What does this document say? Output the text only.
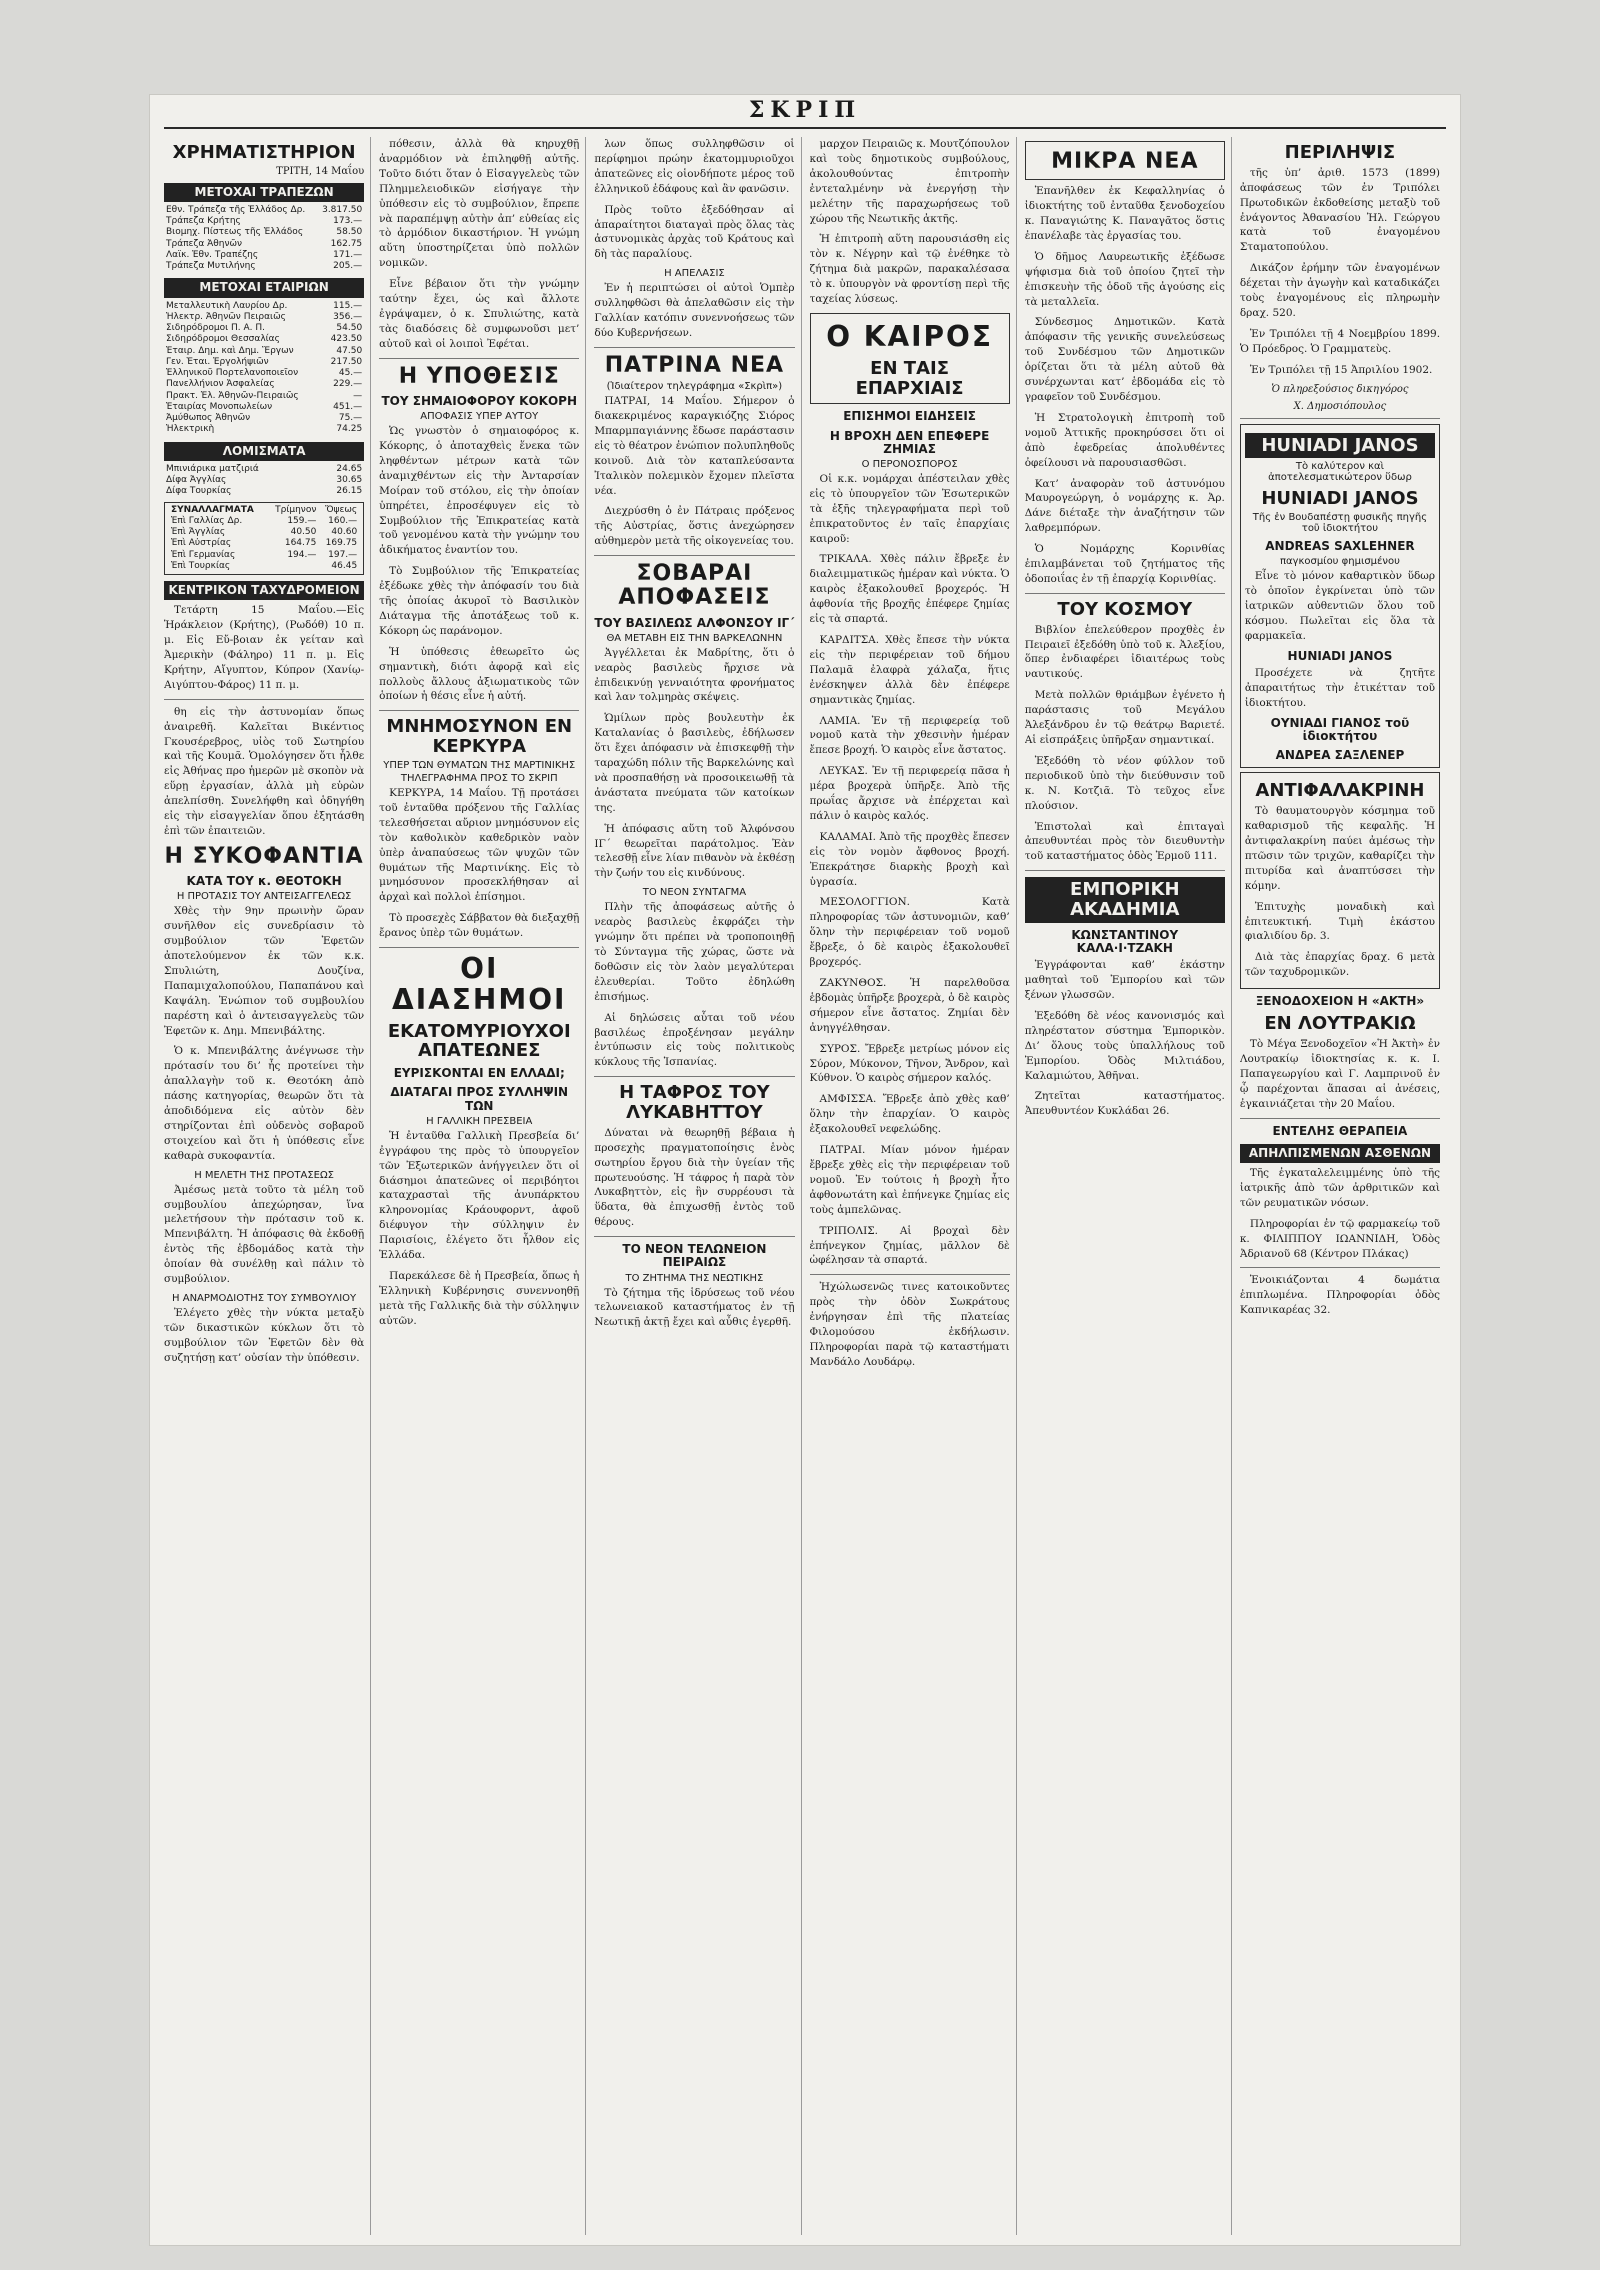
ΣΚΡΙΠ
ΧΡΗΜΑΤΙΣΤΗΡΙΟΝ
ΤΡΙΤΗ, 14 Μαΐου
ΜΕΤΟΧΑΙ ΤΡΑΠΕΖΩΝ
Εθν. Τράπεζα τῆς Ἑλλάδος Δρ.	3.817.50
Τράπεζα Κρήτης	173.—
Βιομηχ. Πίστεως τῆς Ἑλλάδος	58.50
Τράπεζα Ἀθηνῶν	162.75
Λαϊκ. Ἐθν. Τραπέζης	171.—
Τράπεζα Μυτιλήνης	205.—
ΜΕΤΟΧΑΙ ΕΤΑΙΡΙΩΝ
Μεταλλευτικὴ Λαυρίου Δρ.	115.—
Ἠλεκτρ. Ἀθηνῶν Πειραιῶς	356.—
Σιδηρόδρομοι Π. Α. Π.	54.50
Σιδηρόδρομοι Θεσσαλίας	423.50
Ἑταιρ. Δημ. καὶ Δημ. Ἔργων	47.50
Γεν. Ἑται. Ἐργολήψιῶν	217.50
Ἑλληνικοῦ Πορτελανοποιεῖον	45.—
Πανελλήνιον Ἀσφαλείας	229.—
Πρακτ. Ἐλ. Ἀθηνῶν-Πειραιῶς	—
Ἑταιρίας Μονοπωλείων	451.—
Ἀμύθωπος Ἀθηνῶν	75.—
Ἠλεκτρικὴ	74.25
ΛΟΜΙΣΜΑΤΑ
Μπινιάρικα ματζιριά	24.65
Δίφα Ἀγγλίας	30.65
Δίφα Τουρκίας	26.15
ΣΥΝΑΛΛΑΓΜΑΤΑ	Τρίμηνον	Ὄψεως
Ἐπὶ Γαλλίας Δρ.	159.—	160.—
Ἐπὶ Ἀγγλίας	40.50	40.60
Ἐπὶ Αὐστρίας	164.75	169.75
Ἐπὶ Γερμανίας	194.—	197.—
Ἐπὶ Τουρκίας		46.45
ΚΕΝΤΡΙΚΟΝ ΤΑΧΥΔΡΟΜΕΙΟΝ

Τετάρτη 15 Μαΐου.—Εἰς Ἡράκλειον (Κρήτης), (Ρωδόθ) 10 π. μ. Εἰς Εὔ-βοιαν ἐκ γείταν καὶ Ἀμερικὴν (Φάληρο) 11 π. μ. Εἰς Κρήτην, Αἴγυπτον, Κύπρον (Χανίῳ-Αιγύπτου-Φάρος) 11 π. μ.

θη εἰς τὴν ἀστυνομίαν ὅπως ἀναιρεθῆ. Καλεῖται Βικέντιος Γκουσέρεβρος, υἱὸς τοῦ Σωτηρίου καὶ τῆς Κουμᾶ. Ὁμολόγησεν ὅτι ἦλθε εἰς Ἀθήνας προ ἡμερῶν μὲ σκοπὸν νὰ εὕρῃ ἐργασίαν, ἀλλὰ μὴ εὑρὼν ἀπελπίσθη. Συνελήφθη καὶ ὁδηγήθη εἰς τὴν εἰσαγγελίαν ὅπου ἐξητάσθη ἐπὶ τῶν ἐπαιτειῶν.

Η ΣΥΚΟΦΑΝΤΙΑ
ΚΑΤΑ ΤΟΥ κ. ΘΕΟΤΟΚΗ
Η ΠΡΟΤΑΣΙΣ ΤΟΥ ΑΝΤΕΙΣΑΓΓΕΛΕΩΣ

Χθὲς τὴν 9ην πρωινὴν ὥραν συνῆλθον εἰς συνεδρίασιν τὸ συμβούλιον τῶν Ἐφετῶν ἀποτελούμενον ἐκ τῶν κ.κ. Σπυλιώτη, Δουζίνα, Παπαμιχαλοπούλου, Παπαπάνου καὶ Καψάλη. Ἐνώπιον τοῦ συμβουλίου παρέστη καὶ ὁ ἀντεισαγγελεὺς τῶν Ἐφετῶν κ. Δημ. Μπενιβάλτης.

Ὁ κ. Μπενιβάλτης ἀνέγνωσε τὴν πρότασίν του δι’ ἧς προτείνει τὴν ἀπαλλαγὴν τοῦ κ. Θεοτόκη ἀπὸ πάσης κατηγορίας, θεωρῶν ὅτι τὰ ἀποδιδόμενα εἰς αὐτὸν δὲν στηρίζονται ἐπὶ οὐδενὸς σοβαροῦ στοιχείου καὶ ὅτι ἡ ὑπόθεσις εἶνε καθαρὰ συκοφαντία.

Η ΜΕΛΕΤΗ ΤΗΣ ΠΡΟΤΑΣΕΩΣ

Ἀμέσως μετὰ τοῦτο τὰ μέλη τοῦ συμβουλίου ἀπεχώρησαν, ἵνα μελετήσουν τὴν πρότασιν τοῦ κ. Μπενιβάλτη. Ἡ ἀπόφασις θὰ ἐκδοθῇ ἐντὸς τῆς ἑβδομάδος κατὰ τὴν ὁποίαν θὰ συνέλθῃ καὶ πάλιν τὸ συμβούλιον.

Η ΑΝΑΡΜΟΔΙΟΤΗΣ ΤΟΥ ΣΥΜΒΟΥΛΙΟΥ

Ἐλέγετο χθὲς τὴν νύκτα μεταξὺ τῶν δικαστικῶν κύκλων ὅτι τὸ συμβούλιον τῶν Ἐφετῶν δὲν θὰ συζητήσῃ κατ’ οὐσίαν τὴν ὑπόθεσιν.

πόθεσιν, ἀλλὰ θὰ κηρυχθῇ ἀναρμόδιον νὰ ἐπιληφθῇ αὐτῆς. Τοῦτο διότι ὅταν ὁ Εἰσαγγελεὺς τῶν Πλημμελειοδικῶν εἰσήγαγε τὴν ὑπόθεσιν εἰς τὸ συμβούλιον, ἔπρεπε νὰ παραπέμψῃ αὐτὴν ἀπ’ εὐθείας εἰς τὸ ἀρμόδιον δικαστήριον. Ἡ γνώμη αὕτη ὑποστηρίζεται ὑπὸ πολλῶν νομικῶν.

Εἶνε βέβαιον ὅτι τὴν γνώμην ταύτην ἔχει, ὡς καὶ ἄλλοτε ἐγράψαμεν, ὁ κ. Σπυλιώτης, κατὰ τὰς διαδόσεις δὲ συμφωνοῦσι μετ’ αὐτοῦ καὶ οἱ λοιποὶ Ἐφέται.

Η ΥΠΟΘΕΣΙΣ
ΤΟΥ ΣΗΜΑΙΟΦΟΡΟΥ ΚΟΚΟΡΗ
ΑΠΟΦΑΣΙΣ ΥΠΕΡ ΑΥΤΟΥ

Ὡς γνωστὸν ὁ σημαιοφόρος κ. Κόκορης, ὁ ἀποταχθεὶς ἕνεκα τῶν ληφθέντων μέτρων κατὰ τῶν ἀναμιχθέντων εἰς τὴν Ἀνταρσίαν Μοίραν τοῦ στόλου, εἰς τὴν ὁποίαν ὑπηρέτει, ἐπροσέφυγεν εἰς τὸ Συμβούλιον τῆς Ἐπικρατείας κατὰ τοῦ γενομένου κατὰ τὴν γνώμην του ἀδικήματος ἐναντίον του.

Τὸ Συμβούλιον τῆς Ἐπικρατείας ἐξέδωκε χθὲς τὴν ἀπόφασίν του διὰ τῆς ὁποίας ἀκυροῖ τὸ Βασιλικὸν Διάταγμα τῆς ἀποτάξεως τοῦ κ. Κόκορη ὡς παράνομον.

Ἡ ὑπόθεσις ἐθεωρεῖτο ὡς σημαντικὴ, διότι ἀφορᾷ καὶ εἰς πολλοὺς ἄλλους ἀξιωματικοὺς τῶν ὁποίων ἡ θέσις εἶνε ἡ αὐτή.

ΜΝΗΜΟΣΥΝΟΝ ΕΝ ΚΕΡΚΥΡΑ
ΥΠΕΡ ΤΩΝ ΘΥΜΑΤΩΝ ΤΗΣ ΜΑΡΤΙΝΙΚΗΣ
ΤΗΛΕΓΡΑΦΗΜΑ ΠΡΟΣ ΤΟ ΣΚΡΙΠ

ΚΕΡΚΥΡΑ, 14 Μαΐου. Τῇ προτάσει τοῦ ἐνταῦθα πρόξενου τῆς Γαλλίας τελεσθήσεται αὔριον μνημόσυνον εἰς τὸν καθολικὸν καθεδρικὸν ναὸν ὑπὲρ ἀναπαύσεως τῶν ψυχῶν τῶν θυμάτων τῆς Μαρτινίκης. Εἰς τὸ μνημόσυνον προσεκλήθησαν αἱ ἀρχαὶ καὶ πολλοὶ ἐπίσημοι.

Τὸ προσεχὲς Σάββατον θὰ διεξαχθῇ ἔρανος ὑπὲρ τῶν θυμάτων.

ΟΙ ΔΙΑΣΗΜΟΙ
ΕΚΑΤΟΜΥΡΙΟΥΧΟΙ ΑΠΑΤΕΩΝΕΣ
ΕΥΡΙΣΚΟΝΤΑΙ ΕΝ ΕΛΛΑΔΙ;
ΔΙΑΤΑΓΑΙ ΠΡΟΣ ΣΥΛΛΗΨΙΝ ΤΩΝ
Η ΓΑΛΛΙΚΗ ΠΡΕΣΒΕΙΑ

Ἡ ἐνταῦθα Γαλλικὴ Πρεσβεία δι’ ἐγγράφου της πρὸς τὸ ὑπουργεῖον τῶν Ἐξωτερικῶν ἀνήγγειλεν ὅτι οἱ διάσημοι ἀπατεῶνες οἱ περιβόητοι καταχρασταὶ τῆς ἀνυπάρκτου κληρονομίας Κράουφορντ, ἀφοῦ διέφυγον τὴν σύλληψιν ἐν Παρισίοις, ἐλέγετο ὅτι ἦλθον εἰς Ἑλλάδα.

Παρεκάλεσε δὲ ἡ Πρεσβεία, ὅπως ἡ Ἑλληνικὴ Κυβέρνησις συνεννοηθῇ μετὰ τῆς Γαλλικῆς διὰ τὴν σύλληψιν αὐτῶν.

λων ὅπως συλληφθῶσιν οἱ περίφημοι πρώην ἑκατομμυριοῦχοι ἀπατεῶνες εἰς οἱονδήποτε μέρος τοῦ ἑλληνικοῦ ἐδάφους καὶ ἂν φανῶσιν.

Πρὸς τοῦτο ἐξεδόθησαν αἱ ἀπαραίτητοι διαταγαὶ πρὸς ὅλας τὰς ἀστυνομικὰς ἀρχὰς τοῦ Κράτους καὶ δὴ τὰς παραλίους.

Η ΑΠΕΛΑΣΙΣ

Ἐν ἡ περιπτώσει οἱ αὐτοὶ Ὁμπὲρ συλληφθῶσι θὰ ἀπελαθῶσιν εἰς τὴν Γαλλίαν κατόπιν συνεννοήσεως τῶν δύο Κυβερνήσεων.

ΠΑΤΡΙΝΑ ΝΕΑ
(Ἰδιαίτερον τηλεγράφημα «Σκρὶπ»)

ΠΑΤΡΑΙ, 14 Μαΐου. Σήμερον ὁ διακεκριμένος καραγκιόζης Σιόρος Μπαρμπαγιάννης ἔδωσε παράστασιν εἰς τὸ θέατρον ἐνώπιον πολυπληθοῦς κοινοῦ. Διὰ τὸν καταπλεύσαντα Ἰταλικὸν πολεμικὸν ἔχομεν πλεῖστα νέα.

Διεχρύσθη ὁ ἐν Πάτραις πρόξενος τῆς Αὐστρίας, ὅστις ἀνεχώρησεν αὐθημερὸν μετὰ τῆς οἰκογενείας του.

ΣΟΒΑΡΑΙ ΑΠΟΦΑΣΕΙΣ
ΤΟΥ ΒΑΣΙΛΕΩΣ ΑΛΦΟΝΣΟΥ ΙΓ΄
ΘΑ ΜΕΤΑΒΗ ΕΙΣ ΤΗΝ ΒΑΡΚΕΛΩΝΗΝ

Ἀγγέλλεται ἐκ Μαδρίτης, ὅτι ὁ νεαρὸς βασιλεὺς ἤρχισε νὰ ἐπιδεικνύῃ γενναιότητα φρονήματος καὶ λαν τολμηρὰς σκέψεις.

Ὡμίλων πρὸς βουλευτὴν ἐκ Καταλανίας ὁ βασιλεὺς, ἐδήλωσεν ὅτι ἔχει ἀπόφασιν νὰ ἐπισκεφθῇ τὴν ταραχώδη πόλιν τῆς Βαρκελώνης καὶ νὰ προσπαθήσῃ νὰ προσοικειωθῇ τὰ ἀνάστατα πνεύματα τῶν κατοίκων της.

Ἡ ἀπόφασις αὕτη τοῦ Ἀλφόνσου ΙΓ΄ θεωρεῖται παράτολμος. Ἐὰν τελεσθῇ εἶνε λίαν πιθανὸν νὰ ἐκθέσῃ τὴν ζωήν του εἰς κινδύνους.

ΤΟ ΝΕΟΝ ΣΥΝΤΑΓΜΑ

Πλὴν τῆς ἀποφάσεως αὐτῆς ὁ νεαρὸς βασιλεὺς ἐκφράζει τὴν γνώμην ὅτι πρέπει νὰ τροποποιηθῇ τὸ Σύνταγμα τῆς χώρας, ὥστε νὰ δοθῶσιν εἰς τὸν λαὸν μεγαλύτεραι ἐλευθερίαι. Τοῦτο ἐδηλώθη ἐπισήμως.

Αἱ δηλώσεις αὗται τοῦ νέου βασιλέως ἐπροξένησαν μεγάλην ἐντύπωσιν εἰς τοὺς πολιτικοὺς κύκλους τῆς Ἱσπανίας.

Η ΤΑΦΡΟΣ ΤΟΥ ΛΥΚΑΒΗΤΤΟΥ

Δύναται νὰ θεωρηθῇ βέβαια ἡ προσεχὴς πραγματοποίησις ἑνὸς σωτηρίου ἔργου διὰ τὴν ὑγείαν τῆς πρωτευούσης. Ἡ τάφρος ἡ παρὰ τὸν Λυκαβηττὸν, εἰς ἣν συρρέουσι τὰ ὕδατα, θὰ ἐπιχωσθῇ ἐντὸς τοῦ θέρους.

ΤΟ ΝΕΟΝ ΤΕΛΩΝΕΙΟΝ ΠΕΙΡΑΙΩΣ
ΤΟ ΖΗΤΗΜΑ ΤΗΣ ΝΕΩΤΙΚΗΣ

Τὸ ζήτημα τῆς ἱδρύσεως τοῦ νέου τελωνειακοῦ καταστήματος ἐν τῇ Νεωτικῇ ἀκτῇ ἔχει καὶ αὖθις ἐγερθῆ.

μαρχον Πειραιῶς κ. Μουτζόπουλον καὶ τοὺς δημοτικοὺς συμβούλους, ἀκολουθούντας ἐπιτροπὴν ἐντεταλμένην νὰ ἐνεργήσῃ τὴν μελέτην τῆς παραχωρήσεως τοῦ χώρου τῆς Νεωτικῆς ἀκτῆς.

Ἡ ἐπιτροπὴ αὕτη παρουσιάσθη εἰς τὸν κ. Νέγρην καὶ τῷ ἐνέθηκε τὸ ζήτημα διὰ μακρῶν, παρακαλέσασα τὸ κ. ὑπουργὸν νὰ φροντίσῃ περὶ τῆς ταχείας λύσεως.

Ο ΚΑΙΡΟΣ
ΕΝ ΤΑΙΣ ΕΠΑΡΧΙΑΙΣ
ΕΠΙΣΗΜΟΙ ΕΙΔΗΣΕΙΣ
Η ΒΡΟΧΗ ΔΕΝ ΕΠΕΦΕΡΕ ΖΗΜΙΑΣ
Ο ΠΕΡΟΝΟΣΠΟΡΟΣ

Οἱ κ.κ. νομάρχαι ἀπέστειλαν χθὲς εἰς τὸ ὑπουργεῖον τῶν Ἐσωτερικῶν τὰ ἑξῆς τηλεγραφήματα περὶ τοῦ ἐπικρατοῦντος ἐν ταῖς ἐπαρχίαις καιροῦ:

ΤΡΙΚΑΛΑ. Χθὲς πάλιν ἔβρεξε ἐν διαλειμματικῶς ἡμέραν καὶ νύκτα. Ὁ καιρὸς ἐξακολουθεῖ βροχερός. Ἡ ἀφθονία τῆς βροχῆς ἐπέφερε ζημίας εἰς τὰ σπαρτά.

ΚΑΡΔΙΤΣΑ. Χθὲς ἔπεσε τὴν νύκτα εἰς τὴν περιφέρειαν τοῦ δήμου Παλαμᾶ ἐλαφρὰ χάλαζα, ἥτις ἐνέσκηψεν ἀλλὰ δὲν ἐπέφερε σημαντικὰς ζημίας.

ΛΑΜΙΑ. Ἐν τῇ περιφερείᾳ τοῦ νομοῦ κατὰ τὴν χθεσινὴν ἡμέραν ἔπεσε βροχή. Ὁ καιρὸς εἶνε ἄστατος.

ΛΕΥΚΑΣ. Ἐν τῇ περιφερείᾳ πᾶσα ἡ μέρα βροχερὰ ὑπῆρξε. Ἀπὸ τῆς πρωΐας ἄρχισε νὰ ἐπέρχεται καὶ πάλιν ὁ καιρὸς καλός.

ΚΑΛΑΜΑΙ. Ἀπὸ τῆς προχθὲς ἔπεσεν εἰς τὸν νομὸν ἄφθονος βροχή. Ἐπεκράτησε διαρκὴς βροχὴ καὶ ὑγρασία.

ΜΕΣΟΛΟΓΓΙΟΝ. Κατὰ πληροφορίας τῶν ἀστυνομιῶν, καθ’ ὅλην τὴν περιφέρειαν τοῦ νομοῦ ἔβρεξε, ὁ δὲ καιρὸς ἐξακολουθεῖ βροχερός.

ΖΑΚΥΝΘΟΣ. Ἡ παρελθοῦσα ἑβδομὰς ὑπῆρξε βροχερὰ, ὁ δὲ καιρὸς σήμερον εἶνε ἄστατος. Ζημίαι δὲν ἀνηγγέλθησαν.

ΣΥΡΟΣ. Ἔβρεξε μετρίως μόνον εἰς Σύρον, Μύκονον, Τῆνον, Ἄνδρον, καὶ Κύθνον. Ὁ καιρὸς σήμερον καλός.

ΑΜΦΙΣΣΑ. Ἔβρεξε ἀπὸ χθὲς καθ’ ὅλην τὴν ἐπαρχίαν. Ὁ καιρὸς ἐξακολουθεῖ νεφελώδης.

ΠΑΤΡΑΙ. Μίαν μόνον ἡμέραν ἔβρεξε χθὲς εἰς τὴν περιφέρειαν τοῦ νομοῦ. Ἐν τούτοις ἡ βροχὴ ἦτο ἀφθονωτάτη καὶ ἐπήνεγκε ζημίας εἰς τοὺς ἀμπελῶνας.

ΤΡΙΠΟΛΙΣ. Αἱ βροχαὶ δὲν ἐπήνεγκον ζημίας, μᾶλλον δὲ ὠφέλησαν τὰ σπαρτά.

Ἠχώλωσενῶς τινες κατοικοῦντες πρὸς τὴν ὁδὸν Σωκράτους ἐνήργησαν ἐπὶ τῆς πλατείας Φιλομούσου ἐκδήλωσιν. Πληροφορίαι παρὰ τῷ καταστήματι Μανδάλο Λουδάρῳ.

ΜΙΚΡΑ ΝΕΑ

Ἐπανῆλθεν ἐκ Κεφαλληνίας ὁ ἰδιοκτήτης τοῦ ἐνταῦθα ξενοδοχείου κ. Παναγιώτης Κ. Παναγᾶτος ὅστις ἐπανέλαβε τὰς ἐργασίας του.

Ὁ δῆμος Λαυρεωτικῆς ἐξέδωσε ψήφισμα διὰ τοῦ ὁποίου ζητεῖ τὴν ἐπισκευὴν τῆς ὁδοῦ τῆς ἀγούσης εἰς τὰ μεταλλεῖα.

Σύνδεσμος Δημοτικῶν. Κατὰ ἀπόφασιν τῆς γενικῆς συνελεύσεως τοῦ Συνδέσμου τῶν Δημοτικῶν ὁρίζεται ὅτι τὰ μέλη αὐτοῦ θὰ συνέρχωνται κατ’ ἑβδομάδα εἰς τὸ γραφεῖον τοῦ Συνδέσμου.

Ἡ Στρατολογικὴ ἐπιτροπὴ τοῦ νομοῦ Ἀττικῆς προκηρύσσει ὅτι οἱ ἀπὸ ἐφεδρείας ἀπολυθέντες ὀφείλουσι νὰ παρουσιασθῶσι.

Κατ’ ἀναφορὰν τοῦ ἀστυνόμου Μαυρογεώργη, ὁ νομάρχης κ. Ἀρ. Δάνε διέταξε τὴν ἀναζήτησιν τῶν λαθρεμπόρων.

Ὁ Νομάρχης Κορινθίας ἐπιλαμβάνεται τοῦ ζητήματος τῆς ὁδοποιΐας ἐν τῇ ἐπαρχίᾳ Κορινθίας.

ΤΟΥ ΚΟΣΜΟΥ

Βιβλίον ἐπελεύθερον προχθὲς ἐν Πειραιεῖ ἐξεδόθη ὑπὸ τοῦ κ. Ἀλεξίου, ὅπερ ἐνδιαφέρει ἰδιαιτέρως τοὺς ναυτικούς.

Μετὰ πολλῶν θριάμβων ἐγένετο ἡ παράστασις τοῦ Μεγάλου Ἀλεξάνδρου ἐν τῷ θεάτρῳ Βαριετέ. Αἱ εἰσπράξεις ὑπῆρξαν σημαντικαί.

Ἐξεδόθη τὸ νέον φύλλον τοῦ περιοδικοῦ ὑπὸ τὴν διεύθυνσιν τοῦ κ. Ν. Κοτζιᾶ. Τὸ τεῦχος εἶνε πλούσιον.

Ἐπιστολαὶ καὶ ἐπιταγαὶ ἀπευθυντέαι πρὸς τὸν διευθυντὴν τοῦ καταστήματος ὁδὸς Ἑρμοῦ 111.

ΕΜΠΟΡΙΚΗ ΑΚΑΔΗΜΙΑ
ΚΩΝΣΤΑΝΤΙΝΟΥ ΚΑΛΑ·Ι·ΤΖΑΚΗ

Ἐγγράφονται καθ’ ἑκάστην μαθηταὶ τοῦ Ἐμπορίου καὶ τῶν ξένων γλωσσῶν.

Ἐξεδόθη δὲ νέος κανονισμός καὶ πληρέστατον σύστημα Ἐμπορικὸν. Δι’ ὅλους τοὺς ὑπαλλήλους τοῦ Ἐμπορίου. Ὁδὸς Μιλτιάδου, Καλαμιώτου, Ἀθῆναι.

Ζητεῖται καταστήματος. Ἀπευθυντέον Κυκλάδαι 26.

ΠΕΡΙΛΗΨΙΣ

τῆς ὑπ’ ἀριθ. 1573 (1899) ἀποφάσεως τῶν ἐν Τριπόλει Πρωτοδικῶν ἐκδοθείσης μεταξὺ τοῦ ἐνάγοντος Ἀθανασίου Ἠλ. Γεώργου κατὰ τοῦ ἐναγομένου Σταματοπούλου.

Δικάζον ἐρήμην τῶν ἐναγομένων δέχεται τὴν ἀγωγὴν καὶ καταδικάζει τοὺς ἐναγομένους εἰς πληρωμὴν δραχ. 520.

Ἐν Τριπόλει τῇ 4 Νοεμβρίου 1899. Ὁ Πρόεδρος. Ὁ Γραμματεὺς.

Ἐν Τριπόλει τῇ 15 Ἀπριλίου 1902.

Ὁ πληρεξούσιος δικηγόρος
Χ. Δημοσιόπουλος
HUNIADI JANOS
Τὸ καλύτερον καὶ ἀποτελεσματικώτερον ὕδωρ
HUNIADI JANOS
Τῆς ἐν Βουδαπέστῃ φυσικῆς πηγῆς τοῦ ἰδιοκτήτου
ANDREAS SAXLEHNER
παγκοσμίου φημισμένου

Εἶνε τὸ μόνον καθαρτικὸν ὕδωρ τὸ ὁποῖον ἐγκρίνεται ὑπὸ τῶν ἰατρικῶν αὐθεντιῶν ὅλου τοῦ κόσμου. Πωλεῖται εἰς ὅλα τὰ φαρμακεῖα.

HUNIADI JANOS

Προσέχετε νὰ ζητῆτε ἀπαραιτήτως τὴν ἐτικέτταν τοῦ ἰδιοκτήτου.

ΟΥΝΙΑΔΙ ΓΙΑΝΟΣ τοῦ ἰδιοκτήτου
ΑΝΔΡΕΑ ΣΑΞΛΕΝΕΡ
ΑΝΤΙΦΑΛΑΚΡΙΝΗ

Τὸ θαυματουργὸν κόσμημα τοῦ καθαρισμοῦ τῆς κεφαλῆς. Ἡ ἀντιφαλακρίνη παύει ἀμέσως τὴν πτῶσιν τῶν τριχῶν, καθαρίζει τὴν πιτυρίδα καὶ ἀναπτύσσει τὴν κόμην.

Ἐπιτυχὴς μοναδικὴ καὶ ἐπιτευκτική. Τιμὴ ἑκάστου φιαλιδίου δρ. 3.

Διὰ τὰς ἐπαρχίας δραχ. 6 μετὰ τῶν ταχυδρομικῶν.

ΞΕΝΟΔΟΧΕΙΟΝ Η «ΑΚΤΗ»
ΕΝ ΛΟΥΤΡΑΚΙΩ

Τὸ Μέγα Ξενοδοχεῖον «Ἡ Ἀκτὴ» ἐν Λουτρακίῳ ἰδιοκτησίας κ. κ. Ι. Παπαγεωργίου καὶ Γ. Λαμπρινοῦ ἐν ᾧ παρέχονται ἅπασαι αἱ ἀνέσεις, ἐγκαινιάζεται τὴν 20 Μαΐου.

ΕΝΤΕΛΗΣ ΘΕΡΑΠΕΙΑ
ΑΠΗΛΠΙΣΜΕΝΩΝ ΑΣΘΕΝΩΝ

Τῆς ἐγκαταλελειμμένης ὑπὸ τῆς ἰατρικῆς ἀπὸ τῶν ἀρθριτικῶν καὶ τῶν ρευματικῶν νόσων.

Πληροφορίαι ἐν τῷ φαρμακείῳ τοῦ κ. ΦΙΛΙΠΠΟΥ ΙΩΑΝΝΙΔΗ, Ὁδὸς Ἀδριανοῦ 68 (Κέντρον Πλάκας)

Ἐνοικιάζονται 4 δωμάτια ἐπιπλωμένα. Πληροφορίαι ὁδὸς Καπνικαρέας 32.
